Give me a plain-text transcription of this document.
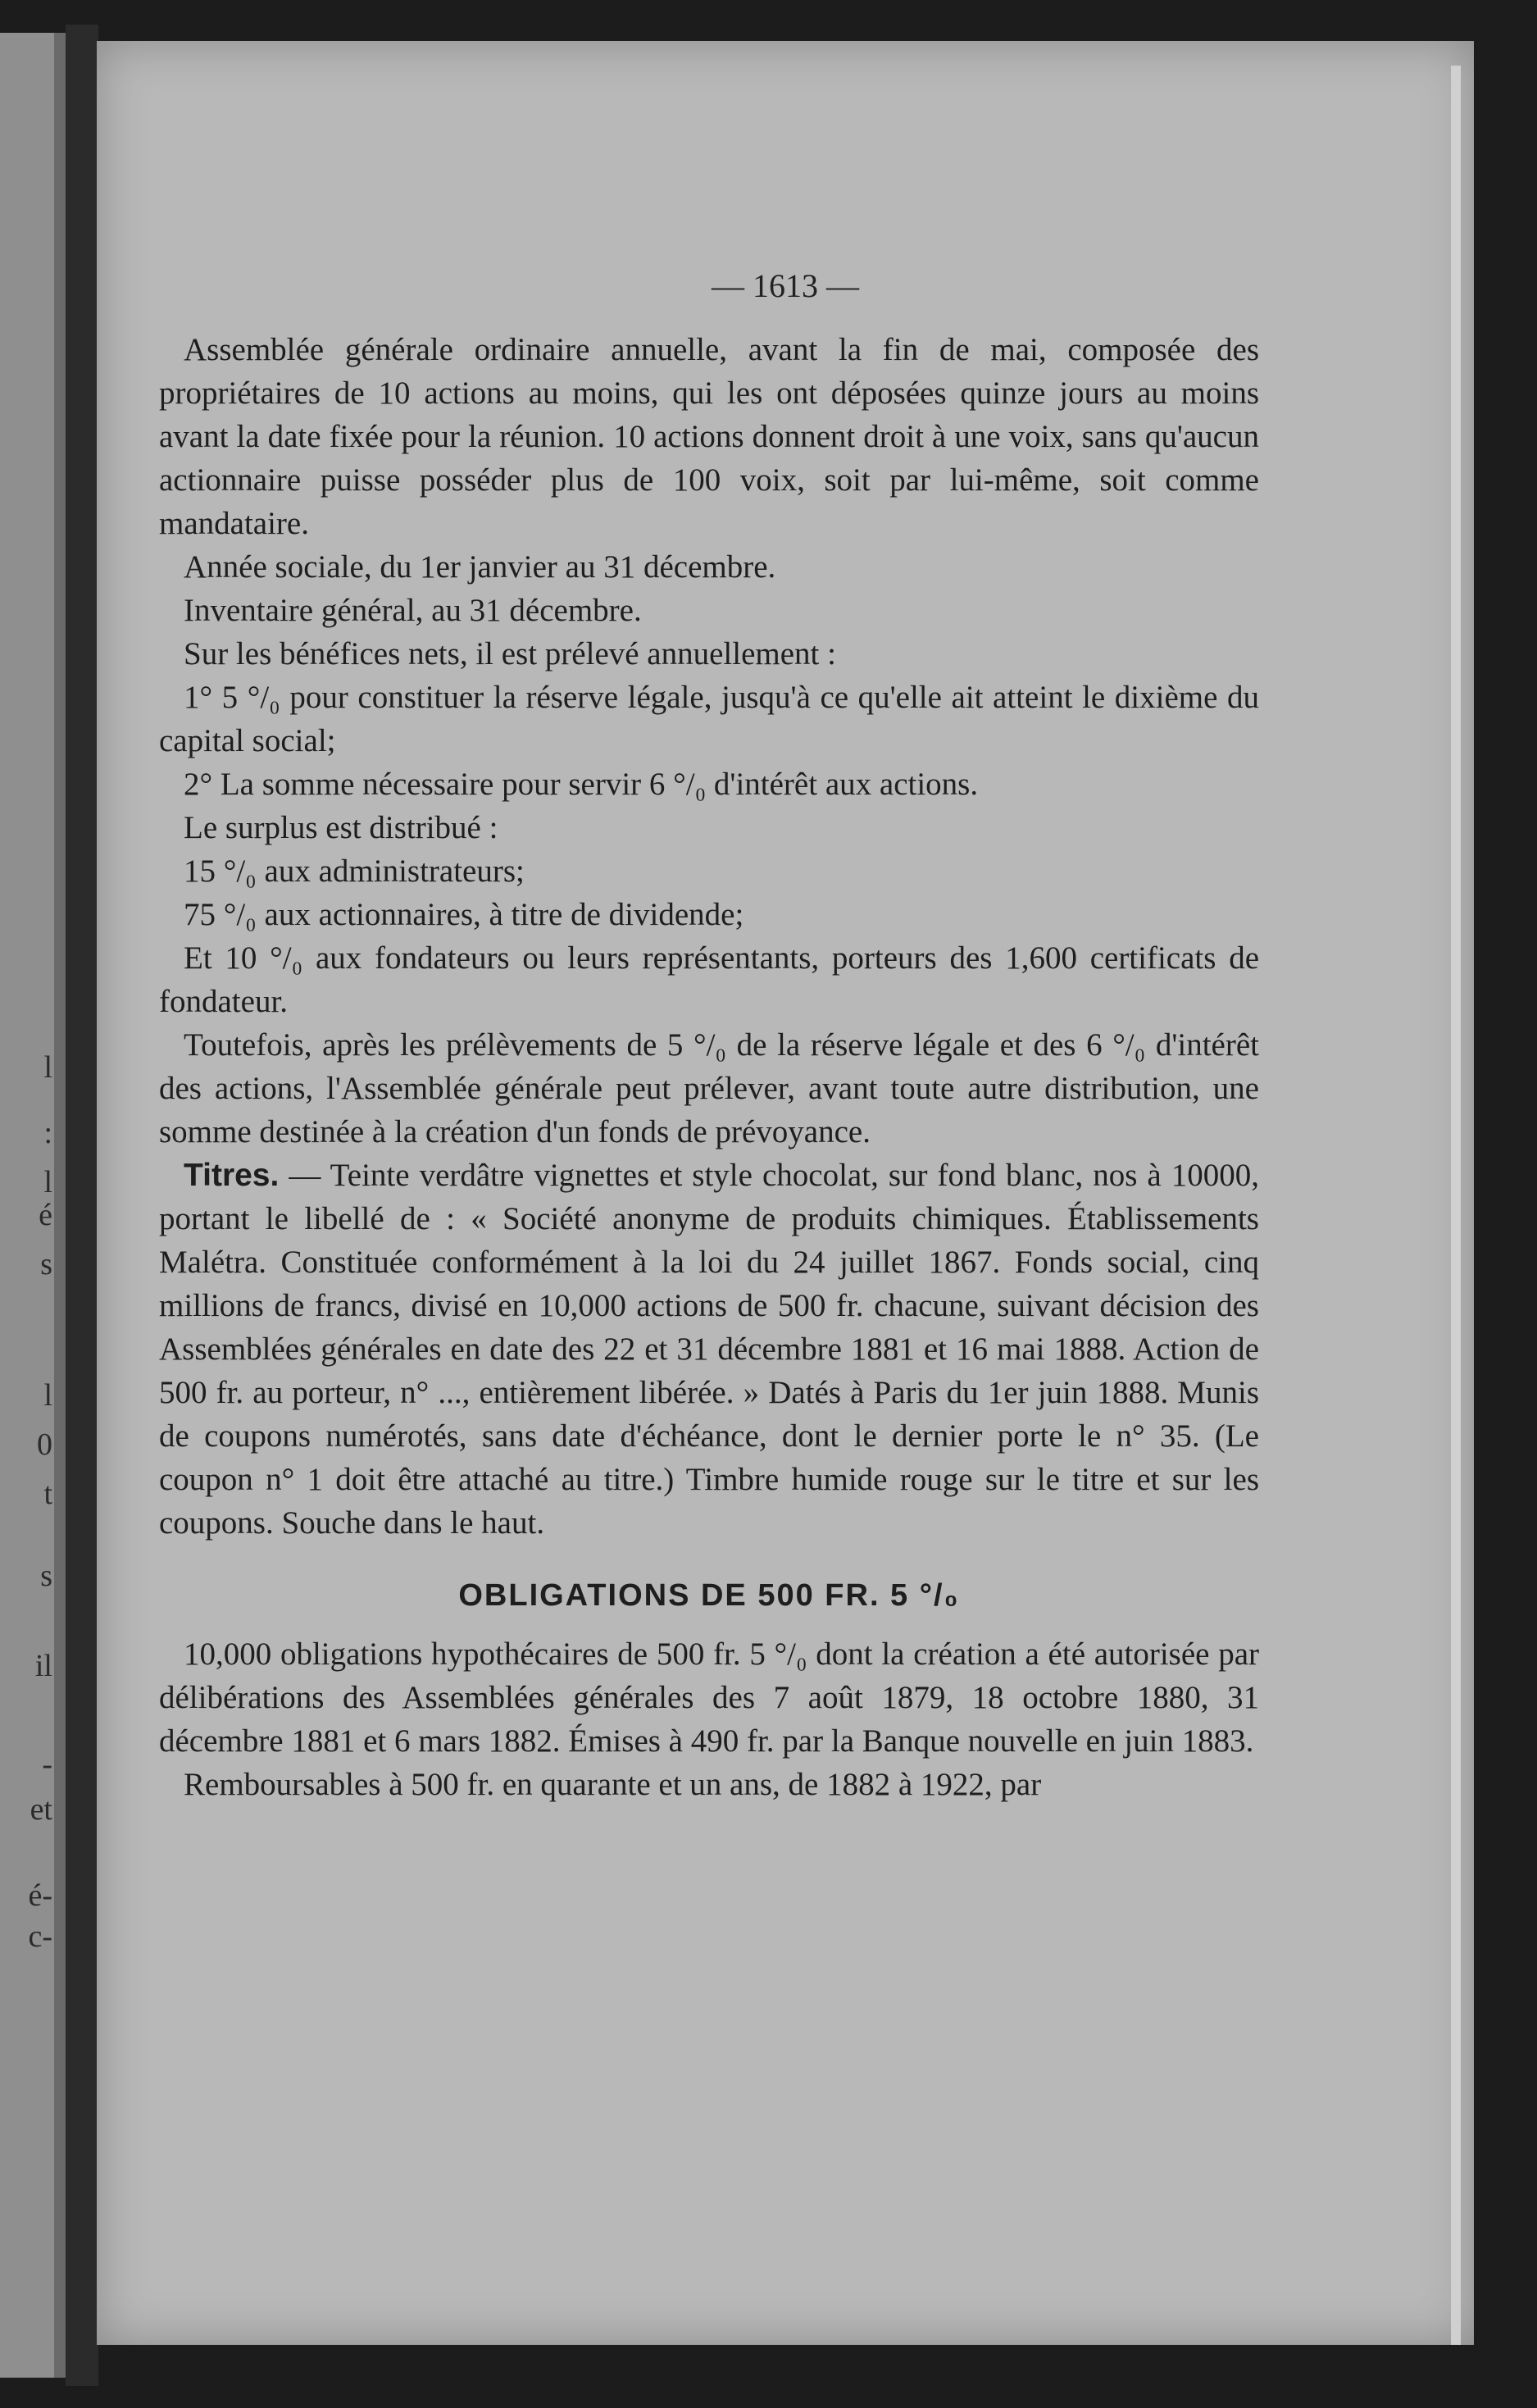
l
:
l
é
s
l
0
t
s
il
-
et
é-
c-
— 1613 —

Assemblée générale ordinaire annuelle, avant la fin de mai, composée des propriétaires de 10 actions au moins, qui les ont déposées quinze jours au moins avant la date fixée pour la réunion. 10 actions donnent droit à une voix, sans qu'aucun actionnaire puisse posséder plus de 100 voix, soit par lui-même, soit comme mandataire.

Année sociale, du 1er janvier au 31 décembre.

Inventaire général, au 31 décembre.

Sur les bénéfices nets, il est prélevé annuellement :

1° 5 °/₀ pour constituer la réserve légale, jusqu'à ce qu'elle ait atteint le dixième du capital social;

2° La somme nécessaire pour servir 6 °/₀ d'intérêt aux actions.

Le surplus est distribué :

15 °/₀ aux administrateurs;

75 °/₀ aux actionnaires, à titre de dividende;

Et 10 °/₀ aux fondateurs ou leurs représentants, porteurs des 1,600 certificats de fondateur.

Toutefois, après les prélèvements de 5 °/₀ de la réserve légale et des 6 °/₀ d'intérêt des actions, l'Assemblée générale peut prélever, avant toute autre distribution, une somme destinée à la création d'un fonds de prévoyance.

Titres. — Teinte verdâtre vignettes et style chocolat, sur fond blanc, nos à 10000, portant le libellé de : « Société anonyme de produits chimiques. Établissements Malétra. Constituée conformément à la loi du 24 juillet 1867. Fonds social, cinq millions de francs, divisé en 10,000 actions de 500 fr. chacune, suivant décision des Assemblées générales en date des 22 et 31 décembre 1881 et 16 mai 1888. Action de 500 fr. au porteur, n° ..., entièrement libérée. » Datés à Paris du 1er juin 1888. Munis de coupons numérotés, sans date d'échéance, dont le dernier porte le n° 35. (Le coupon n° 1 doit être attaché au titre.) Timbre humide rouge sur le titre et sur les coupons. Souche dans le haut.

OBLIGATIONS DE 500 FR. 5 °/₀

10,000 obligations hypothécaires de 500 fr. 5 °/₀ dont la création a été autorisée par délibérations des Assemblées générales des 7 août 1879, 18 octobre 1880, 31 décembre 1881 et 6 mars 1882. Émises à 490 fr. par la Banque nouvelle en juin 1883.

Remboursables à 500 fr. en quarante et un ans, de 1882 à 1922, par
